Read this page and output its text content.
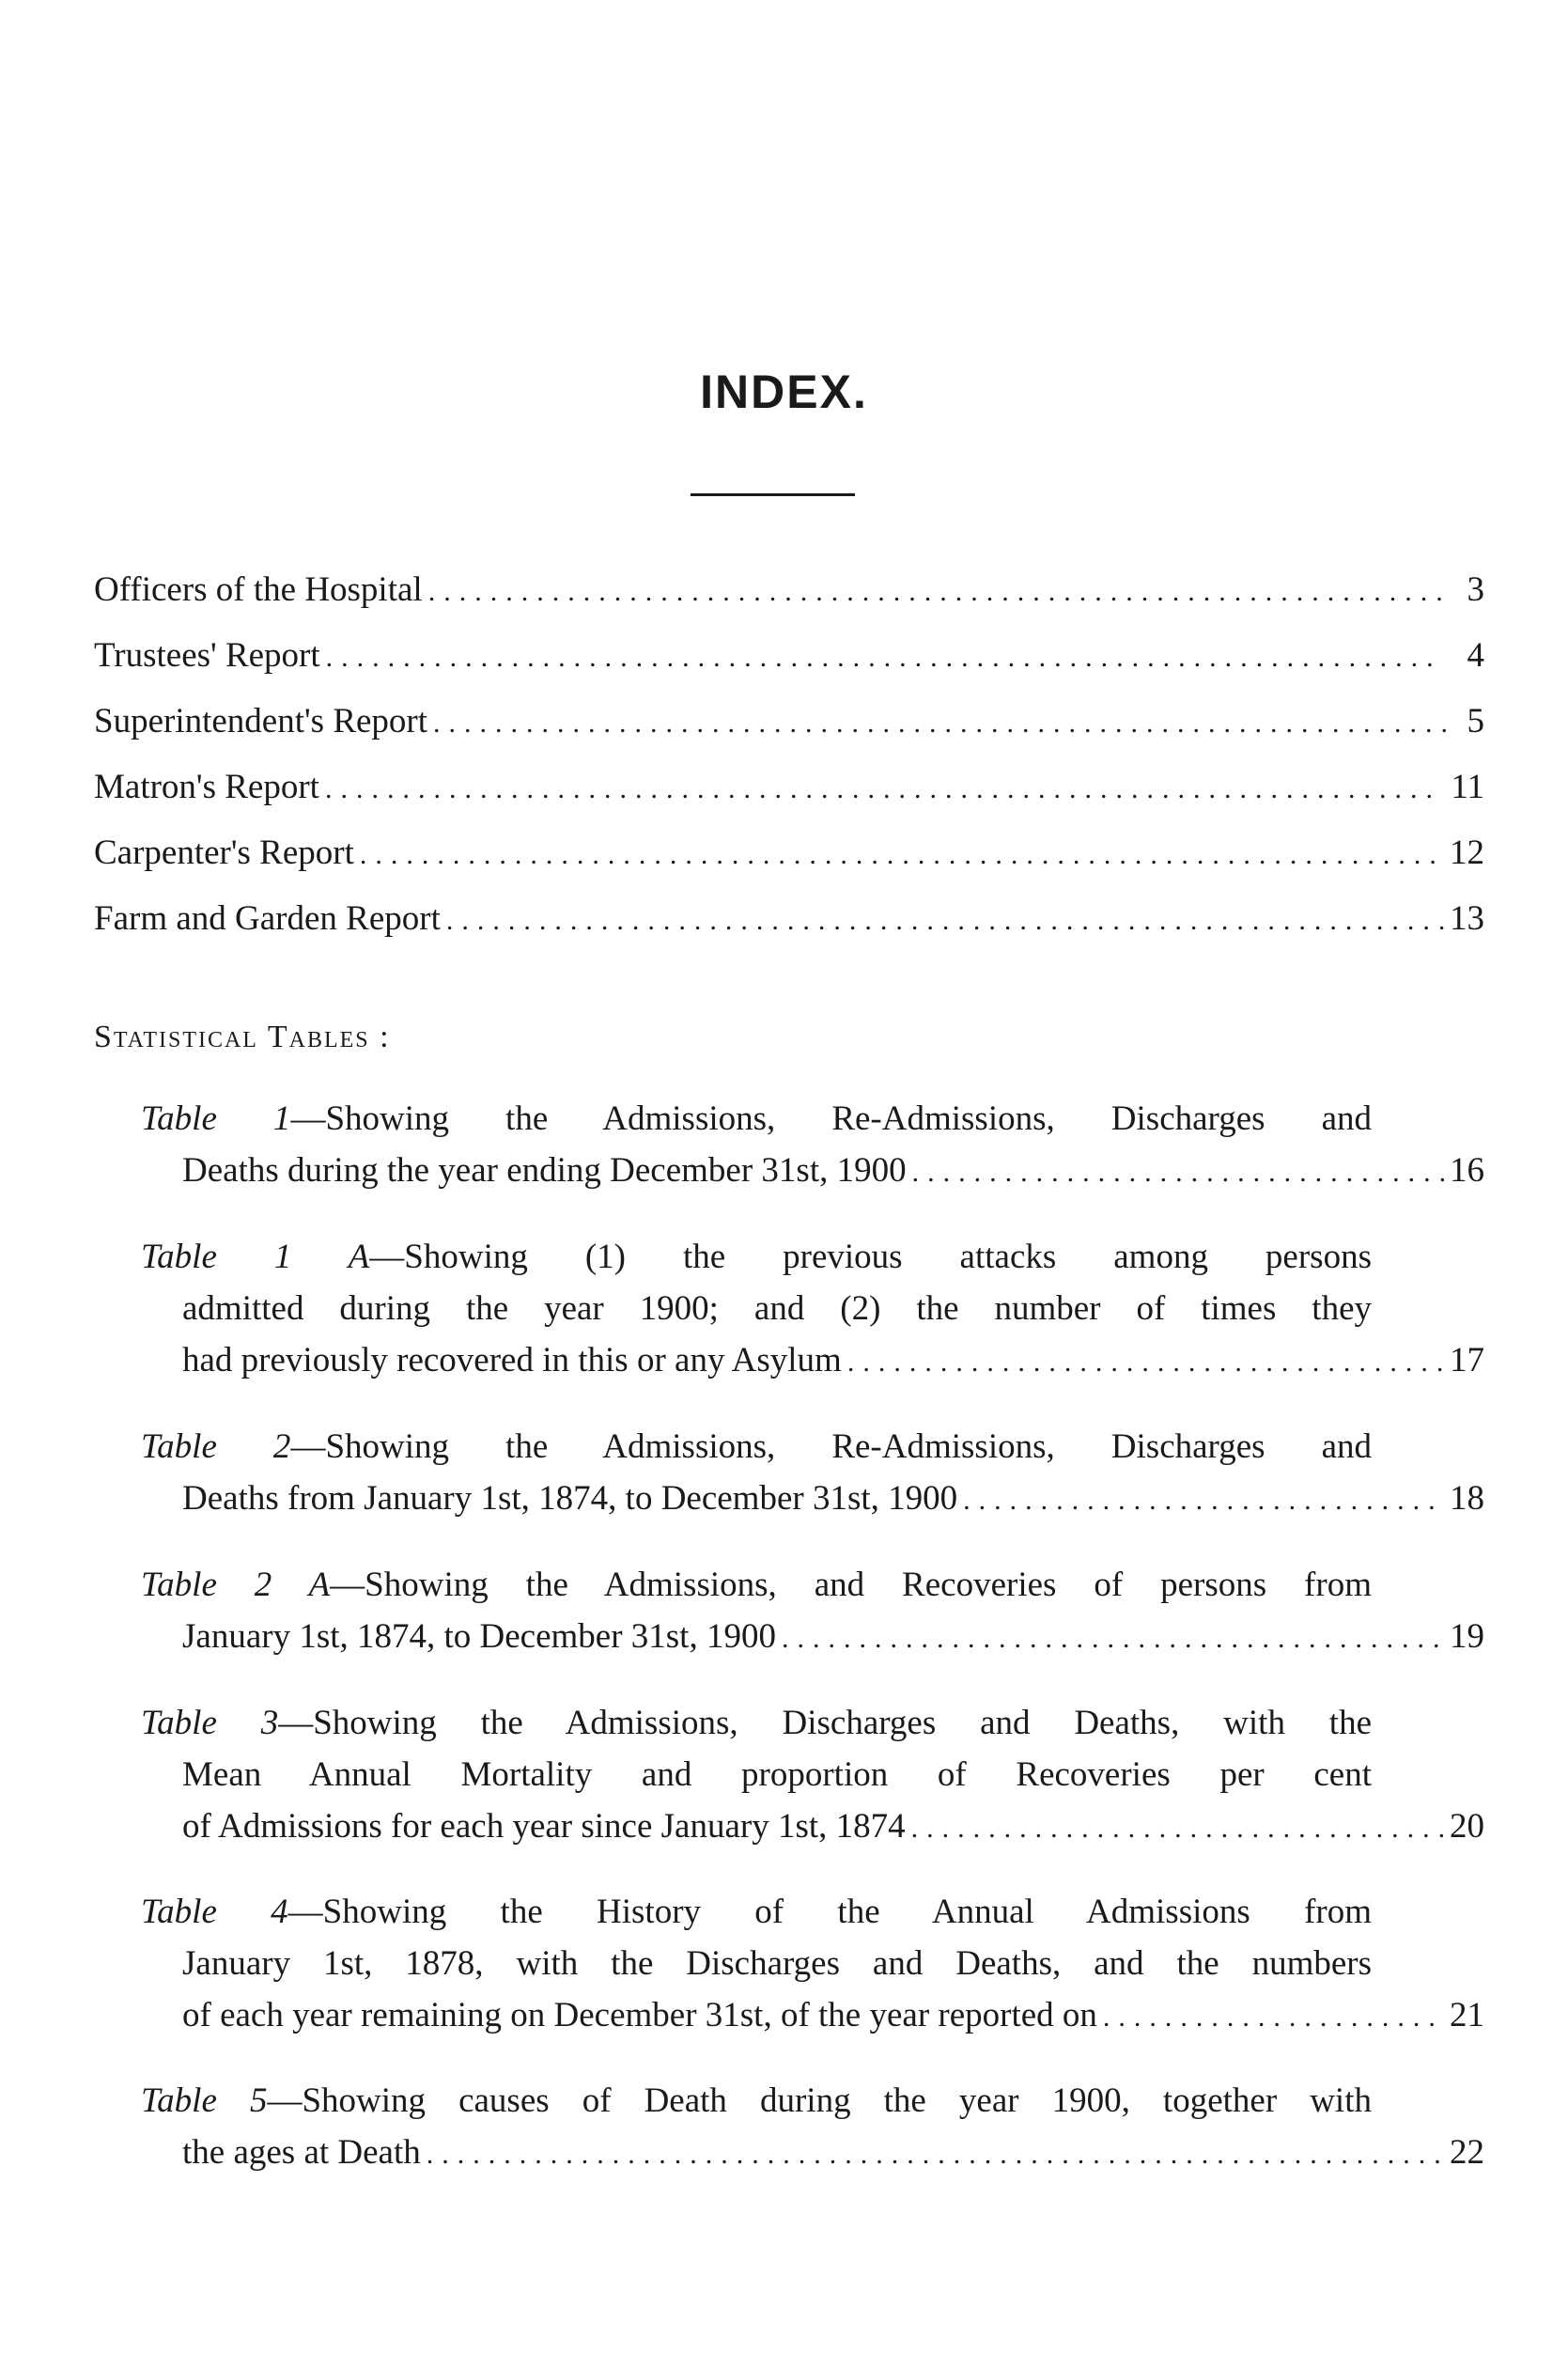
INDEX.
Officers of the Hospital .....	3
Trustees' Report .....	4
Superintendent's Report .....	5
Matron's Report .....	11
Carpenter's Report .....	12
Farm and Garden Report .....	13
Statistical Tables :
Table 1—Showing the Admissions, Re-Admissions, Discharges and
Deaths during the year ending December 31st, 1900 .....	16
Table 1 A—Showing (1) the previous attacks among persons
admitted during the year 1900; and (2) the number of times they
had previously recovered in this or any Asylum .....	17
Table 2—Showing the Admissions, Re-Admissions, Discharges and
Deaths from January 1st, 1874, to December 31st, 1900 .....	18
Table 2 A—Showing the Admissions, and Recoveries of persons from
January 1st, 1874, to December 31st, 1900 .....	19
Table 3—Showing the Admissions, Discharges and Deaths, with the
Mean Annual Mortality and proportion of Recoveries per cent
of Admissions for each year since January 1st, 1874 .....	20
Table 4—Showing the History of the Annual Admissions from
January 1st, 1878, with the Discharges and Deaths, and the numbers
of each year remaining on December 31st, of the year reported on .....	21
Table 5—Showing causes of Death during the year 1900, together with
the ages at Death .....	22
